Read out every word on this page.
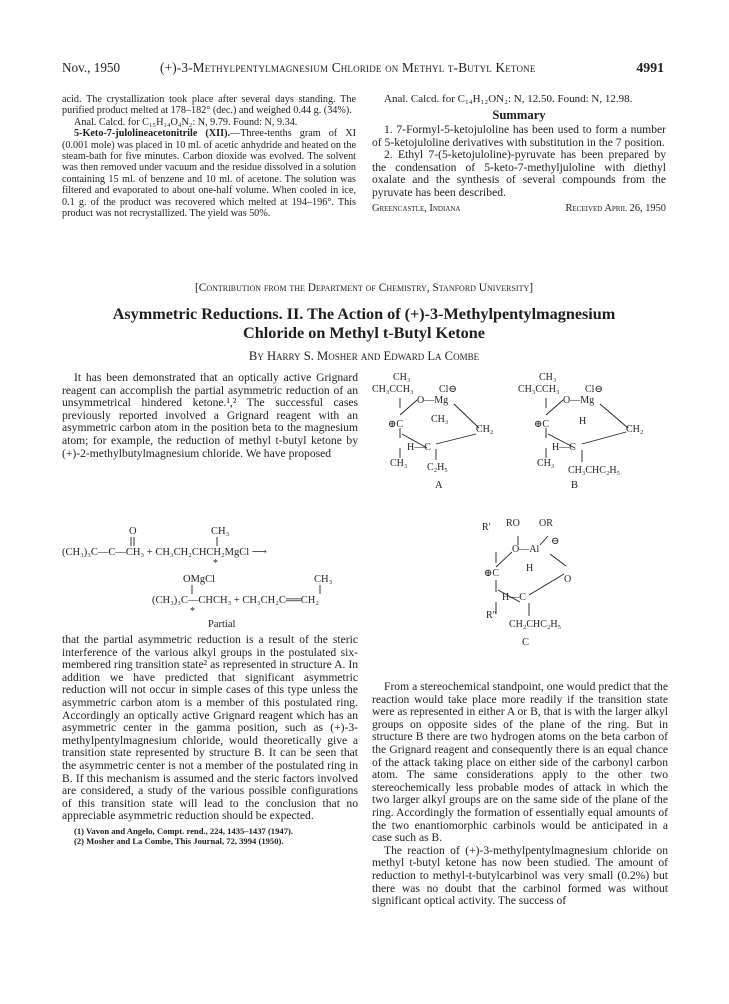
Nov., 1950	(+)-3-Methylpentylmagnesium Chloride on Methyl t-Butyl Ketone	4991

acid. The crystallization took place after several days standing. The purified product melted at 178–182° (dec.) and weighed 0.44 g. (34%).

Anal. Calcd. for C₁₅H₁₄O₄N₂: N, 9.79. Found: N, 9.34.

5-Keto-7-julolineacetonitrile (XII).—Three-tenths gram of XI (0.001 mole) was placed in 10 ml. of acetic anhydride and heated on the steam-bath for five minutes. Carbon dioxide was evolved. The solvent was then removed under vacuum and the residue dissolved in a solution containing 15 ml. of benzene and 10 ml. of acetone. The solution was filtered and evaporated to about one-half volume. When cooled in ice, 0.1 g. of the product was recovered which melted at 194–196°. This product was not recrystallized. The yield was 50%.

Anal. Calcd. for C₁₄H₁₂ON₂: N, 12.50. Found: N, 12.98.

Summary

1. 7-Formyl-5-ketojuloline has been used to form a number of 5-ketojuloline derivatives with substitution in the 7 position.

2. Ethyl 7-(5-ketojuloline)-pyruvate has been prepared by the condensation of 5-keto-7-methyljuloline with diethyl oxalate and the synthesis of several compounds from the pyruvate has been described.

Greencastle, Indiana	Received April 26, 1950

[Contribution from the Department of Chemistry, Stanford University]
Asymmetric Reductions. II. The Action of (+)-3-Methylpentylmagnesium
Chloride on Methyl t-Butyl Ketone
By Harry S. Mosher and Edward La Combe

It has been demonstrated that an optically active Grignard reagent can accomplish the partial asymmetric reduction of an unsymmetrical hindered ketone.¹,² The successful cases previously reported involved a Grignard reagent with an asymmetric carbon atom in the position beta to the magnesium atom; for example, the reduction of methyl t-butyl ketone by (+)-2-methylbutylmagnesium chloride. We have proposed

O	CH₃
(CH₃)₃C—C—CH₃ + CH₃CH₂CHCH₂MgCl ⟶
*
OMgCl	CH₃
(CH₃)₃C—CHCH₃ + CH₃CH₂C══CH₂
*
Partial

that the partial asymmetric reduction is a result of the steric interference of the various alkyl groups in the postulated six-membered ring transition state² as represented in structure A. In addition we have predicted that significant asymmetric reduction will not occur in simple cases of this type unless the asymmetric carbon atom is a member of this postulated ring. Accordingly an optically active Grignard reagent which has an asymmetric center in the gamma position, such as (+)-3-methylpentylmagnesium chloride, would theoretically give a transition state represented by structure B. It can be seen that the asymmetric center is not a member of the postulated ring in B. If this mechanism is assumed and the steric factors involved are considered, a study of the various possible configurations of this transition state will lead to the conclusion that no appreciable asymmetric reduction should be expected.

(1) Vavon and Angelo, Compt. rend., 224, 1435–1437 (1947).

(2) Mosher and La Combe, This Journal, 72, 3994 (1950).

CH₃
CH₃CCH₃	Cl⊖
O—Mg
⊕C	CH₃
CH₂
H—C
CH₃ C₂H₅
A
CH₃
CH₃CCH₃	Cl⊖
O—Mg
⊕C	H
CH₂
H—C
CH₃
CH₃CHC₂H₅
B
R′ RO OR
O—Al
⊖
⊕C	H
O
H—C
R″
CH₂CHC₂H₅
C

From a stereochemical standpoint, one would predict that the reaction would take place more readily if the transition state were as represented in either A or B, that is with the larger alkyl groups on opposite sides of the plane of the ring. But in structure B there are two hydrogen atoms on the beta carbon of the Grignard reagent and consequently there is an equal chance of the attack taking place on either side of the carbonyl carbon atom. The same considerations apply to the other two stereochemically less probable modes of attack in which the two larger alkyl groups are on the same side of the plane of the ring. Accordingly the formation of essentially equal amounts of the two enantiomorphic carbinols would be anticipated in a case such as B.

The reaction of (+)-3-methylpentylmagnesium chloride on methyl t-butyl ketone has now been studied. The amount of reduction to methyl-t-butylcarbinol was very small (0.2%) but there was no doubt that the carbinol formed was without significant optical activity. The success of
